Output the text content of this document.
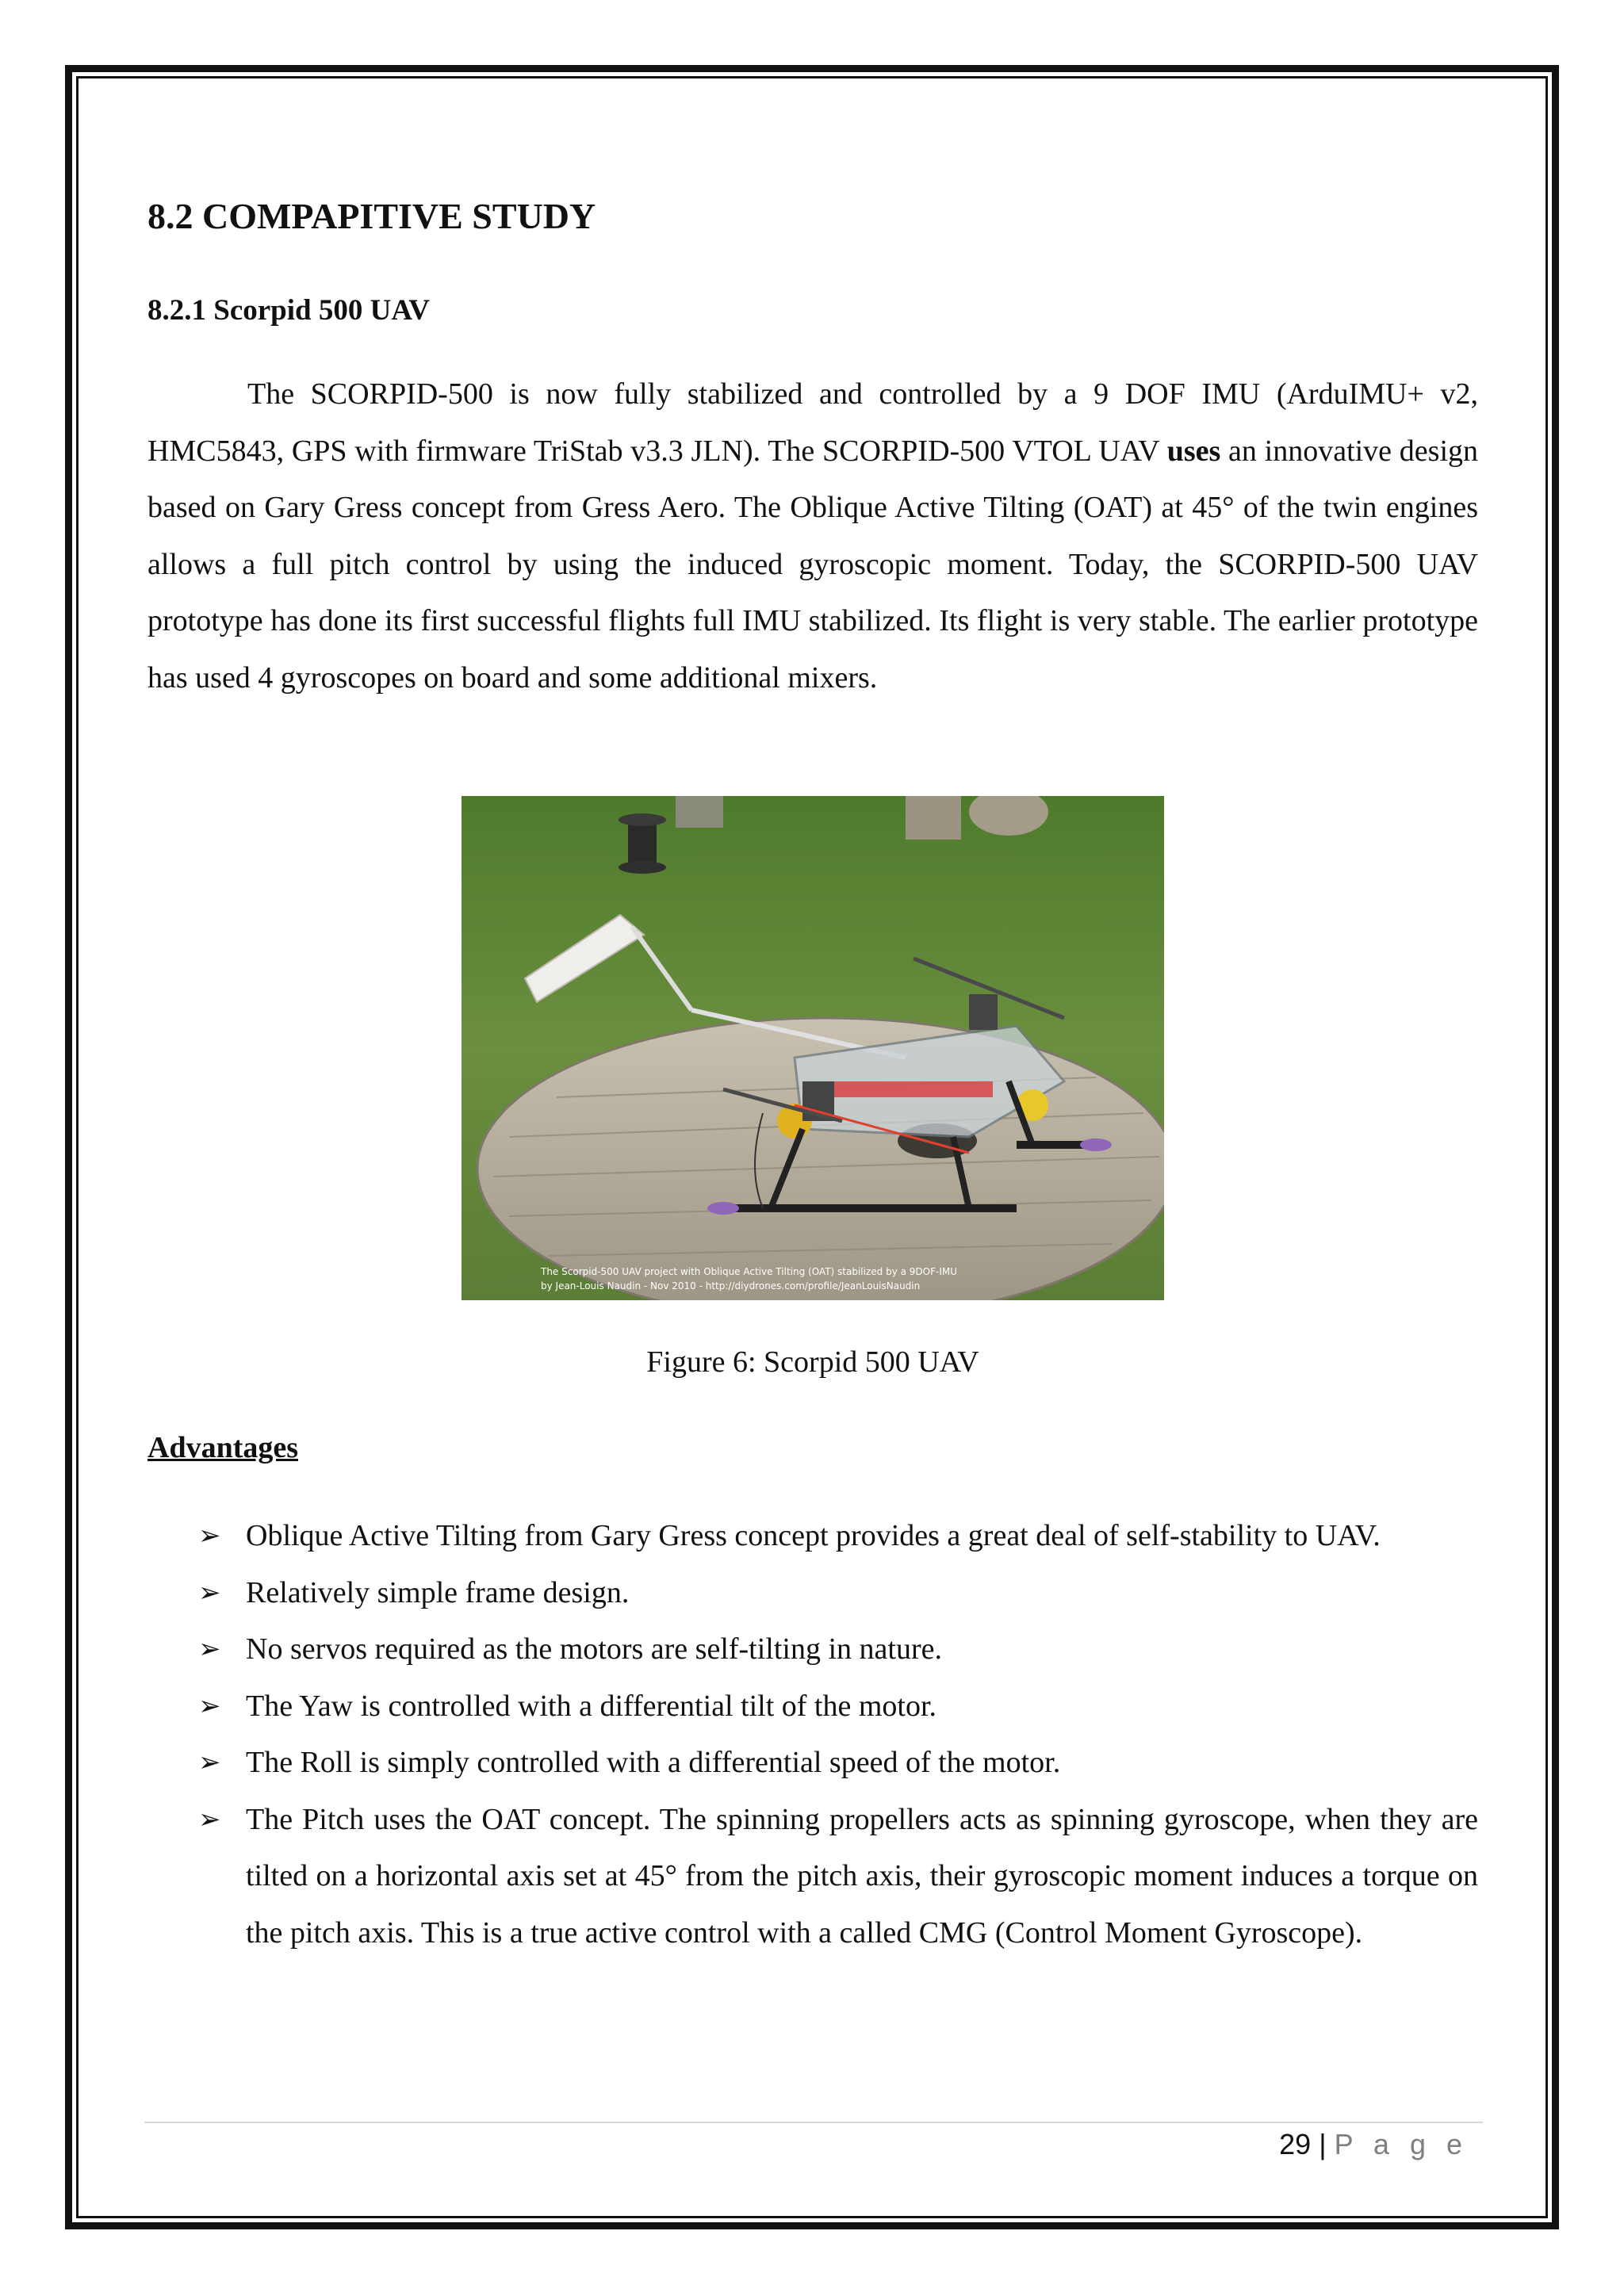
8.2 COMPAPITIVE STUDY
8.2.1 Scorpid 500 UAV

The SCORPID-500 is now fully stabilized and controlled by a 9 DOF IMU (ArduIMU+ v2, HMC5843, GPS with firmware TriStab v3.3 JLN). The SCORPID-500 VTOL UAV uses an innovative design based on Gary Gress concept from Gress Aero. The Oblique Active Tilting (OAT) at 45° of the twin engines allows a full pitch control by using the induced gyroscopic moment. Today, the SCORPID-500 UAV prototype has done its first successful flights full IMU stabilized. Its flight is very stable. The earlier prototype has used 4 gyroscopes on board and some additional mixers.

The Scorpid-500 UAV project with Oblique Active Tilting (OAT) stabilized by a 9DOF-IMU
by Jean-Louis Naudin - Nov 2010 - http://diydrones.com/profile/JeanLouisNaudin

Figure 6: Scorpid 500 UAV

Advantages

➢ Oblique Active Tilting from Gary Gress concept provides a great deal of self-stability to UAV.
➢ Relatively simple frame design.
➢ No servos required as the motors are self-tilting in nature.
➢ The Yaw is controlled with a differential tilt of the motor.
➢ The Roll is simply controlled with a differential speed of the motor.
➢ The Pitch uses the OAT concept. The spinning propellers acts as spinning gyroscope, when they are tilted on a horizontal axis set at 45° from the pitch axis, their gyroscopic moment induces a torque on the pitch axis. This is a true active control with a called CMG (Control Moment Gyroscope).
29 | P a g e
